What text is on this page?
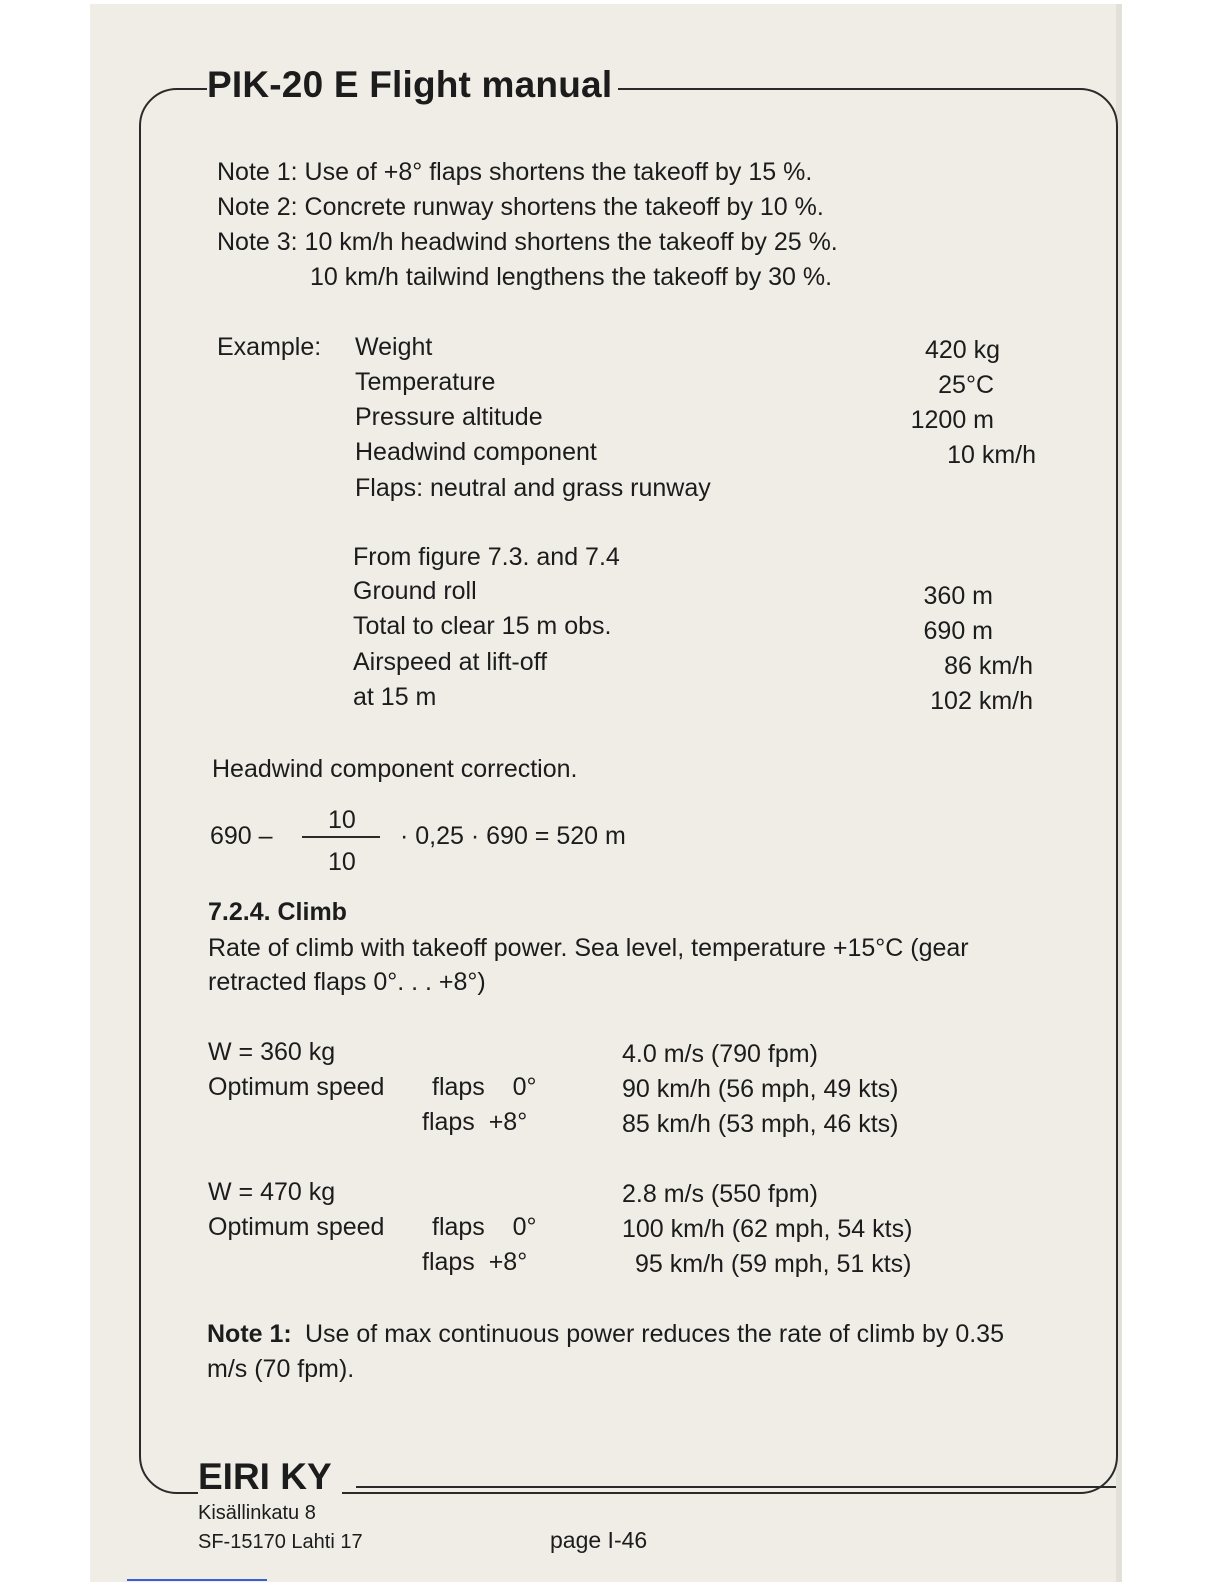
PIK-20 E Flight manual
Note 1: Use of +8° flaps shortens the takeoff by 15 %.
Note 2: Concrete runway shortens the takeoff by 10 %.
Note 3: 10 km/h headwind shortens the takeoff by 25 %.
10 km/h tailwind lengthens the takeoff by 30 %.
Example: Weight	420 kg
Temperature	25°C
Pressure altitude	1200 m
Headwind component	10 km/h
Flaps: neutral and grass runway
From figure 7.3. and 7.4
Ground roll	360 m
Total to clear 15 m obs.	690 m
Airspeed at lift-off	86 km/h
at 15 m	102 km/h
Headwind component correction.
690 –
10
10
· 0,25 · 690 = 520 m
7.2.4. Climb
Rate of climb with takeoff power. Sea level, temperature +15°C (gear
retracted flaps 0°. . . +8°)
W = 360 kg	4.0 m/s (790 fpm)
Optimum speed flaps    0°	90 km/h (56 mph, 49 kts)
flaps  +8°	85 km/h (53 mph, 46 kts)
W = 470 kg	2.8 m/s (550 fpm)
Optimum speed flaps    0°	100 km/h (62 mph, 54 kts)
flaps  +8°	95 km/h (59 mph, 51 kts)
Note 1: Use of max continuous power reduces the rate of climb by 0.35
m/s (70 fpm).
EIRI KY
Kisällinkatu 8
SF-15170 Lahti 17	page I-46
